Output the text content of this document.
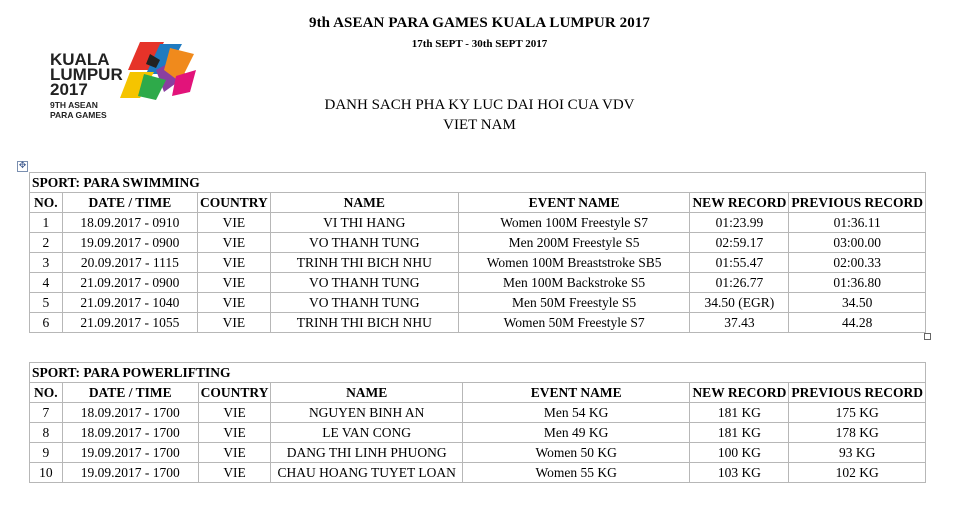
9th ASEAN PARA GAMES KUALA LUMPUR 2017
17th SEPT - 30th SEPT 2017
KUALA
LUMPUR
2017
9TH ASEAN
PARA GAMES
DANH SACH PHA KY LUC DAI HOI CUA VDV
VIET NAM
✥
SPORT: PARA SWIMMING						
NO.	DATE / TIME	COUNTRY	NAME	EVENT NAME	NEW RECORD	PREVIOUS RECORD
1	18.09.2017 - 0910	VIE	VI THI HANG	Women 100M Freestyle S7	01:23.99	01:36.11
2	19.09.2017 - 0900	VIE	VO THANH TUNG	Men 200M Freestyle S5	02:59.17	03:00.00
3	20.09.2017 - 1115	VIE	TRINH THI BICH NHU	Women 100M Breaststroke SB5	01:55.47	02:00.33
4	21.09.2017 - 0900	VIE	VO THANH TUNG	Men 100M Backstroke S5	01:26.77	01:36.80
5	21.09.2017 - 1040	VIE	VO THANH TUNG	Men 50M Freestyle S5	34.50 (EGR)	34.50
6	21.09.2017 - 1055	VIE	TRINH THI BICH NHU	Women 50M Freestyle S7	37.43	44.28
SPORT: PARA POWERLIFTING						
NO.	DATE / TIME	COUNTRY	NAME	EVENT NAME	NEW RECORD	PREVIOUS RECORD
7	18.09.2017 - 1700	VIE	NGUYEN BINH AN	Men 54 KG	181 KG	175 KG
8	18.09.2017 - 1700	VIE	LE VAN CONG	Men 49 KG	181 KG	178 KG
9	19.09.2017 - 1700	VIE	DANG THI LINH PHUONG	Women 50 KG	100 KG	93 KG
10	19.09.2017 - 1700	VIE	CHAU HOANG TUYET LOAN	Women 55 KG	103 KG	102 KG
